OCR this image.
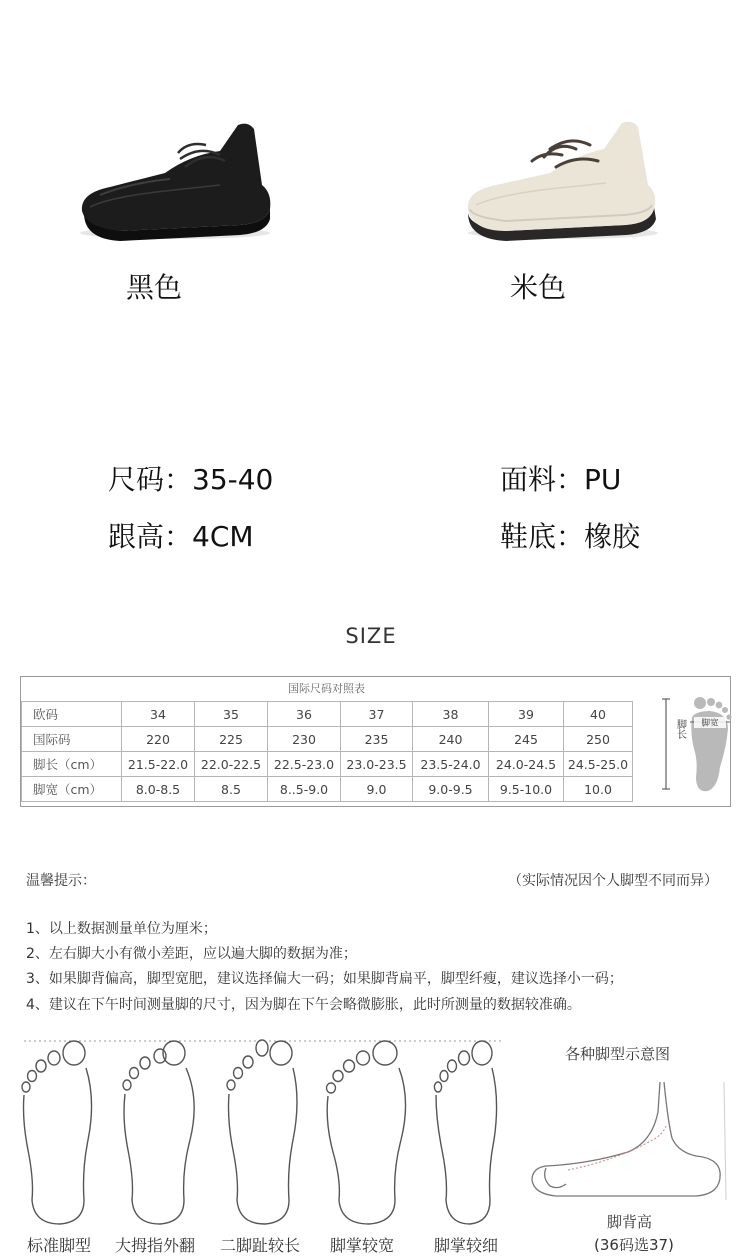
黑色	米色
尺码：35-40	面料：PU
跟高：4CM	鞋底：橡胶
SIZE
国际尺码对照表
欧码	34	35	36	37	38	39	40
国际码	220	225	230	235	240	245	250
脚长（cm）	21.5-22.0	22.0-22.5	22.5-23.0	23.0-23.5	23.5-24.0	24.0-24.5	24.5-25.0
脚宽（cm）	8.0-8.5	8.5	8..5-9.0	9.0	9.0-9.5	9.5-10.0	10.0
脚长 脚宽
温馨提示：	（实际情况因个人脚型不同而异）
1、以上数据测量单位为厘米；
2、左右脚大小有微小差距，应以遍大脚的数据为准；
3、如果脚背偏高，脚型宽肥，建议选择偏大一码；如果脚背扁平，脚型纤瘦，建议选择小一码；
4、建议在下午时间测量脚的尺寸，因为脚在下午会略微膨胀，此时所测量的数据较准确。
标准脚型 大拇指外翻 二脚趾较长 脚掌较宽 脚掌较细
各种脚型示意图
脚背高
(36码选37)
